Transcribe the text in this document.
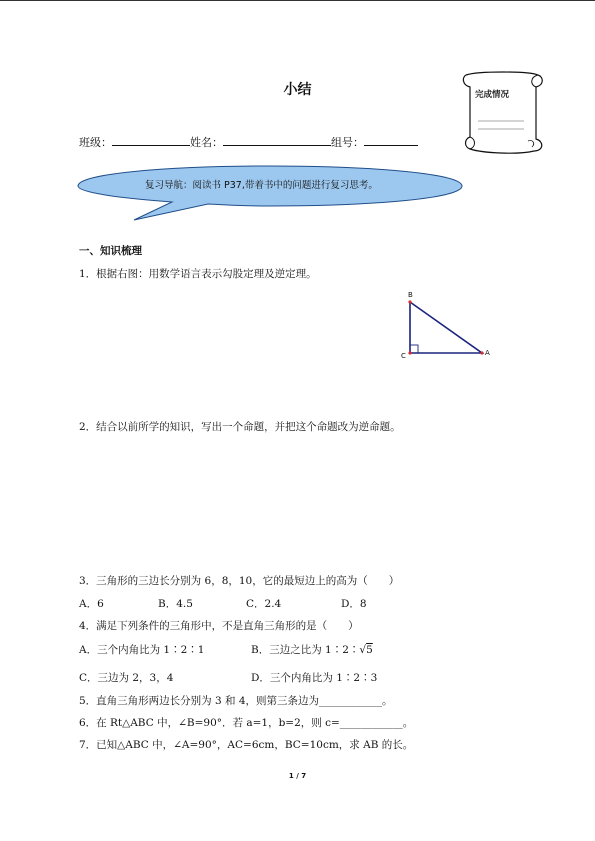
小结	完成情况
班级：	姓名：	组号：
复习导航：阅读书 P37,带着书中的问题进行复习思考。
一、知识梳理
1．根据右图：用数学语言表示勾股定理及逆定理。
B
C	A
2．结合以前所学的知识，写出一个命题，并把这个命题改为逆命题。
3．三角形的三边长分别为 6，8，10，它的最短边上的高为（　　）
A．6	B．4.5	C．2.4	D．8
4．满足下列条件的三角形中，不是直角三角形的是（　　）
A．三个内角比为 1∶2∶1	B．三边之比为 1∶2∶√5
C．三边为 2，3，4	D．三个内角比为 1∶2∶3
5．直角三角形两边长分别为 3 和 4，则第三条边为____________。
6．在 Rt△ABC 中，∠B=90°．若 a=1，b=2，则 c=____________。
7．已知△ABC 中，∠A=90°，AC=6cm，BC=10cm，求 AB 的长。
1 / 7
